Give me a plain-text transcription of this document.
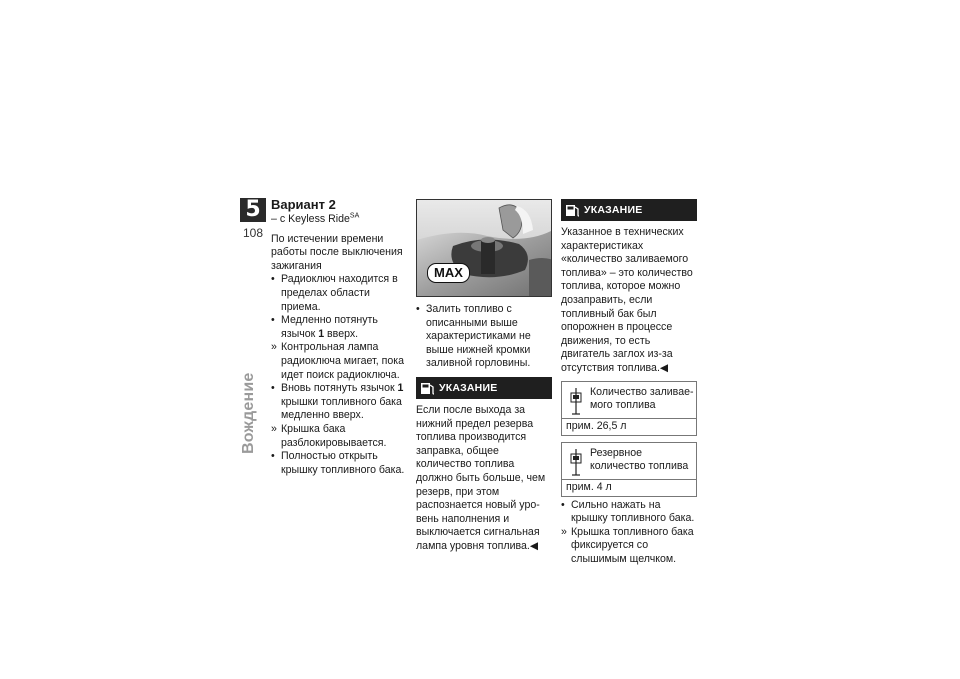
5
108
Вождение
Вариант 2
– с Keyless Ride$^{SA}$

По истечении времени работы после выключения зажигания

• Радиоключ находится в пределах области приема.
• Медленно потянуть язычок 1 вверх.
» Контрольная лампа радиоключа мигает, пока идет поиск радиоключа.
• Вновь потянуть язычок 1 крышки топливного бака медленно вверх.
» Крышка бака разблокировывается.
• Полностью открыть крышку топливного бака.
MAX
• Залить топливо с описанными выше характеристиками не выше нижней кромки заливной горловины.
УКАЗАНИЕ

Если после выхода за нижний предел резерва топлива производится заправка, общее количество топлива должно быть больше, чем резерв, при этом распознается новый уровень наполнения и выключается сигнальная лампа уровня топлива.◀

УКАЗАНИЕ

Указанное в технических характеристиках «количество заливаемого топлива» – это количество топлива, которое можно дозаправить, если топливный бак был опорожнен в процессе движения, то есть двигатель заглох из-за отсутствия топлива.◀

Количество заливаемого топлива
прим. 26,5 л
Резервное количество топлива
прим. 4 л
• Сильно нажать на крышку топливного бака.
» Крышка топливного бака фиксируется со слышимым щелчком.
